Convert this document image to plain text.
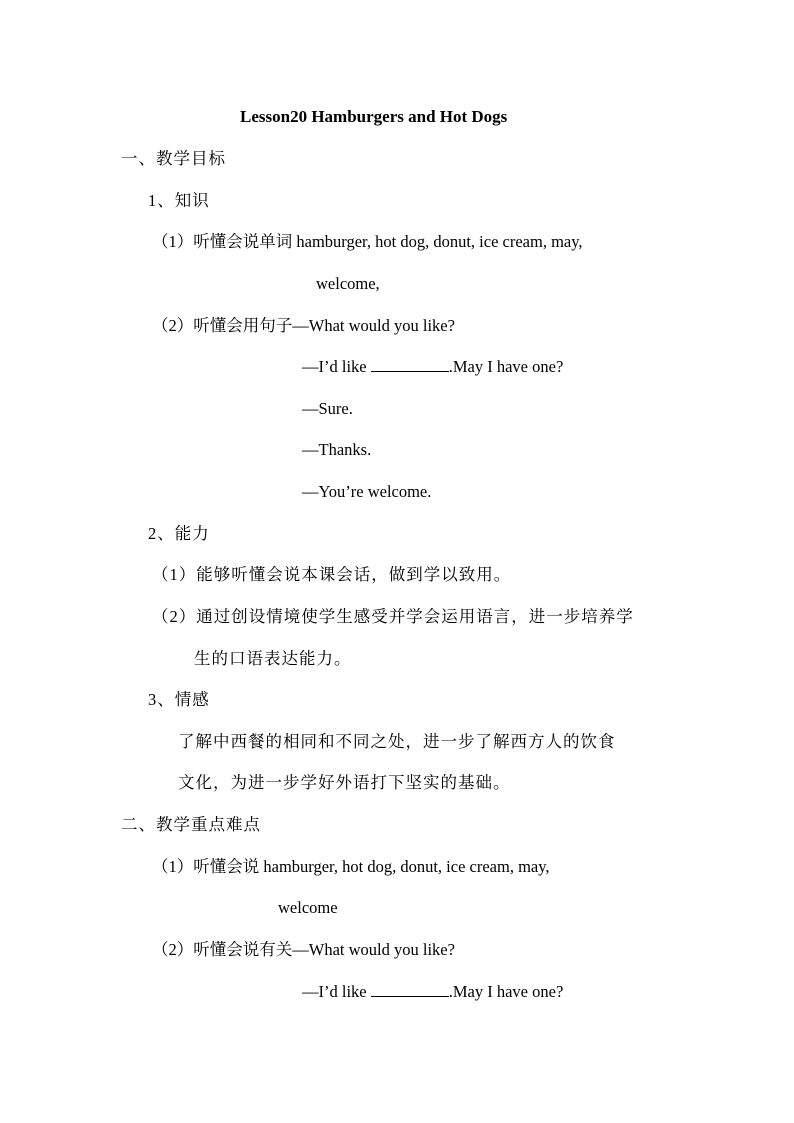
Lesson20 Hamburgers and Hot Dogs
一、教学目标
1、知识
（1）听懂会说单词 hamburger, hot dog, donut, ice cream, may,
welcome,
（2）听懂会用句子—What would you like?
—I’d like	.May I have one?
—Sure.
—Thanks.
—You’re welcome.
2、能力
（1）能够听懂会说本课会话，做到学以致用。
（2）通过创设情境使学生感受并学会运用语言，进一步培养学
生的口语表达能力。
3、情感
了解中西餐的相同和不同之处，进一步了解西方人的饮食
文化，为进一步学好外语打下坚实的基础。
二、教学重点难点
（1）听懂会说 hamburger, hot dog, donut, ice cream, may,
welcome
（2）听懂会说有关—What would you like?
—I’d like	.May I have one?
